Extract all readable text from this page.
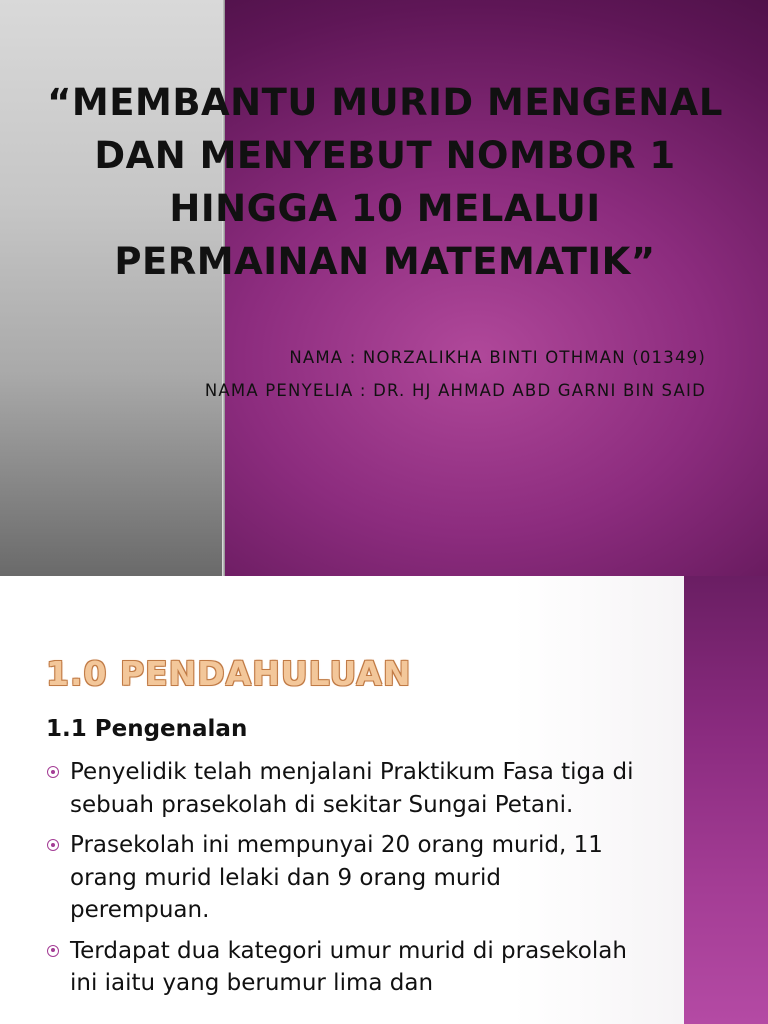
“MEMBANTU MURID MENGENAL DAN MENYEBUT NOMBOR 1 HINGGA 10 MELALUI PERMAINAN MATEMATIK”
NAMA : NORZALIKHA BINTI OTHMAN (01349)
NAMA PENYELIA : DR. HJ AHMAD ABD GARNI BIN SAID
1.0 PENDAHULUAN
1.1 Pengenalan
Penyelidik telah menjalani Praktikum Fasa tiga di sebuah prasekolah di sekitar Sungai Petani.
Prasekolah ini mempunyai 20 orang murid, 11 orang murid lelaki dan 9 orang murid perempuan.
Terdapat dua kategori umur murid di prasekolah ini iaitu yang berumur lima dan
